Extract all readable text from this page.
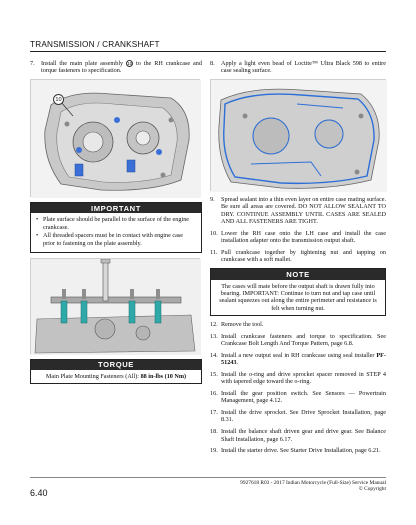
TRANSMISSION / CRANKSHAFT
7.	Install the main plate assembly 10 to the RH crankcase and torque fasteners to specification.
10
IMPORTANT
• Plate surface should be parallel to the surface of the engine crankcase.
• All threaded spacers must be in contact with engine case prior to fastening on the plate assembly.
TORQUE
Main Plate Mounting Fasteners (All): 88 in-lbs (10 Nm)
8.	Apply a light even bead of Loctite™ Ultra Black 598 to entire case sealing surface.
9.	Spread sealant into a thin even layer on entire case mating surface. Be sure all areas are covered. DO NOT ALLOW SEALANT TO DRY. CONTINUE ASSEMBLY UNTIL CASES ARE SEALED AND ALL FASTENERS ARE TIGHT.
10. Lower the RH case onto the LH case and install the case installation adapter onto the transmission output shaft.
11. Pull crankcase together by tightening nut and tapping on crankcase with a soft mallet.
NOTE
The cases will mate before the output shaft is drawn fully into bearing. IMPORTANT: Continue to turn nut and tap case until sealant squeezes out along the entire perimeter and resistance is felt when turning nut.
12. Remove the tool.
13. Install crankcase fasteners and torque to specification. See Crankcase Bolt Length And Torque Pattern, page 6.8.
14. Install a new output seal in RH crankcase using seal installer PF-51243.
15. Install the o-ring and drive sprocket spacer removed in STEP 4 with tapered edge toward the o-ring.
16. Install the gear position switch. See Sensors — Powertrain Management, page 4.12.
17. Install the drive sprocket. See Drive Sprocket Installation, page 8.31.
18. Install the balance shaft driven gear and drive gear. See Balance Shaft Installation, page 6.17.
19. Install the starter drive. See Starter Drive Installation, page 6.21.
6.40
9927618 R03 - 2017 Indian Motorcycle (Full-Size) Service Manual
© Copyright
